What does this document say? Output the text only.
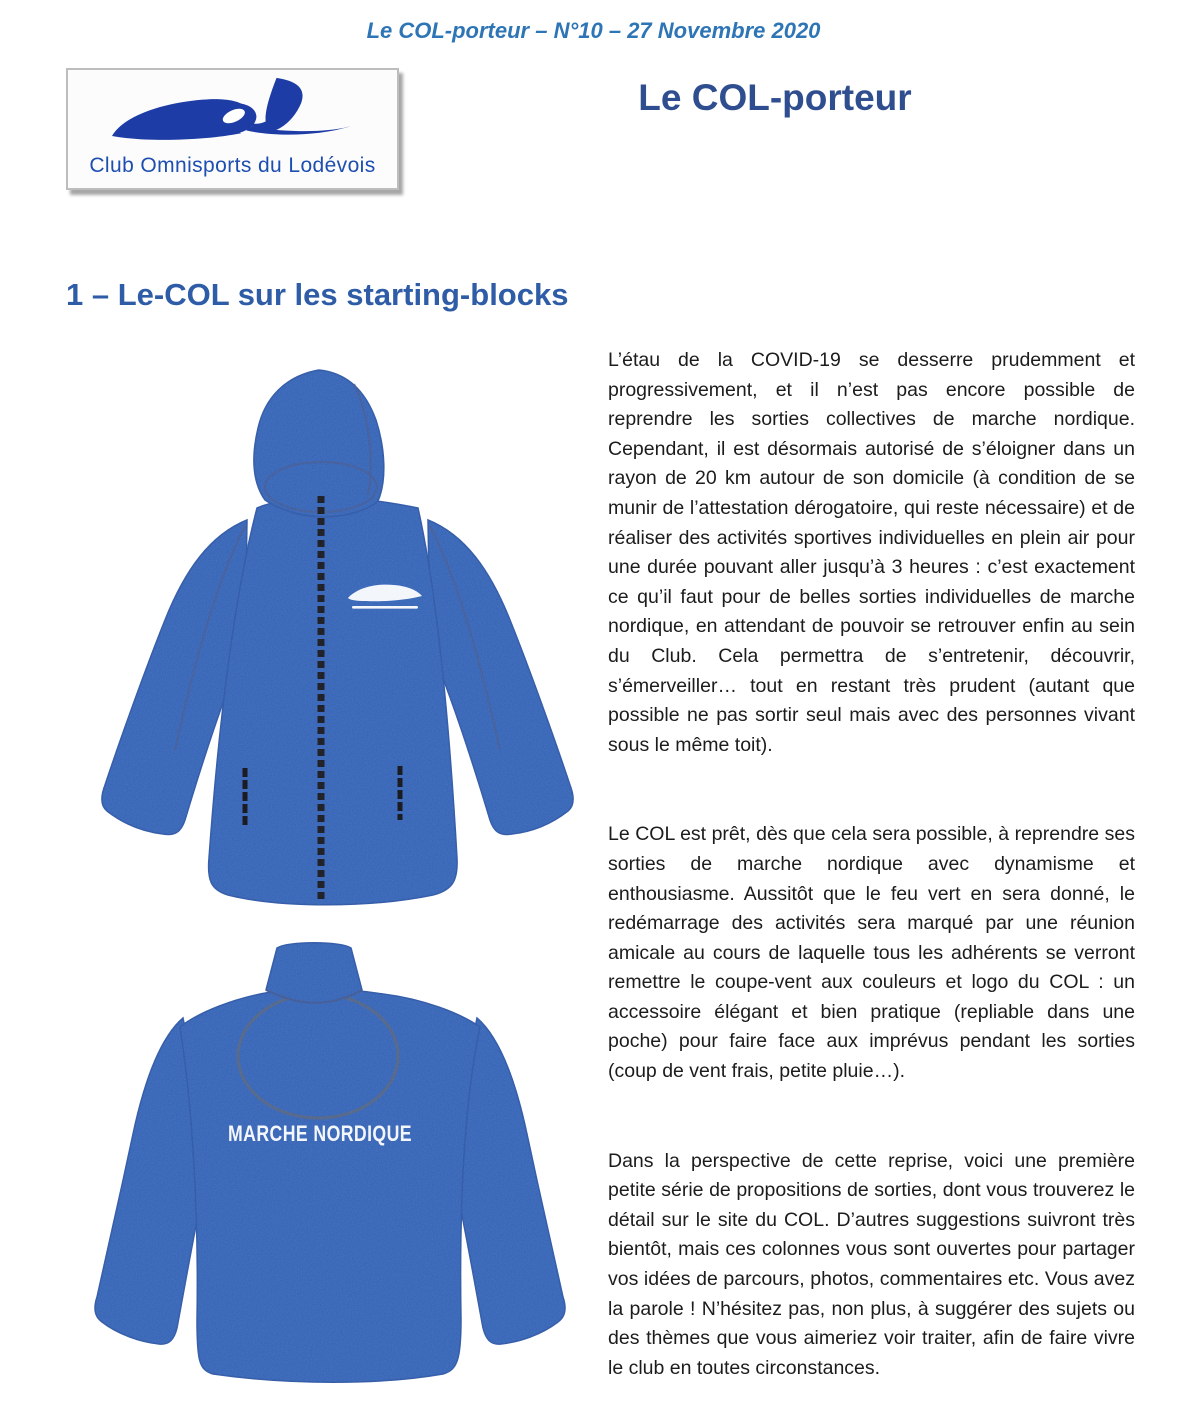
Le COL-porteur – N°10 – 27 Novembre 2020
Club Omnisports du Lodévois
Le COL-porteur
1 – Le-COL sur les starting-blocks

L’étau de la COVID-19 se desserre prudemment et progressivement, et il n’est pas encore possible de reprendre les sorties collectives de marche nordique. Cependant, il est désormais autorisé de s’éloigner dans un rayon de 20 km autour de son domicile (à condition de se munir de l’attestation dérogatoire, qui reste nécessaire) et de réaliser des activités sportives individuelles en plein air pour une durée pouvant aller jusqu’à 3 heures : c’est exactement ce qu’il faut pour de belles sorties individuelles de marche nordique, en attendant de pouvoir se retrouver enfin au sein du Club. Cela permettra de s’entretenir, découvrir, s’émerveiller… tout en restant très prudent (autant que possible ne pas sortir seul mais avec des personnes vivant sous le même toit).

Le COL est prêt, dès que cela sera possible, à reprendre ses sorties de marche nordique avec dynamisme et enthousiasme. Aussitôt que le feu vert en sera donné, le redémarrage des activités sera marqué par une réunion amicale au cours de laquelle tous les adhérents se verront remettre le coupe-vent aux couleurs et logo du COL : un accessoire élégant et bien pratique (repliable dans une poche) pour faire face aux imprévus pendant les sorties (coup de vent frais, petite pluie…).

Dans la perspective de cette reprise, voici une première petite série de propositions de sorties, dont vous trouverez le détail sur le site du COL. D’autres suggestions suivront très bientôt, mais ces colonnes vous sont ouvertes pour partager vos idées de parcours, photos, commentaires etc. Vous avez la parole ! N’hésitez pas, non plus, à suggérer des sujets ou des thèmes que vous aimeriez voir traiter, afin de faire vivre le club en toutes circonstances.
